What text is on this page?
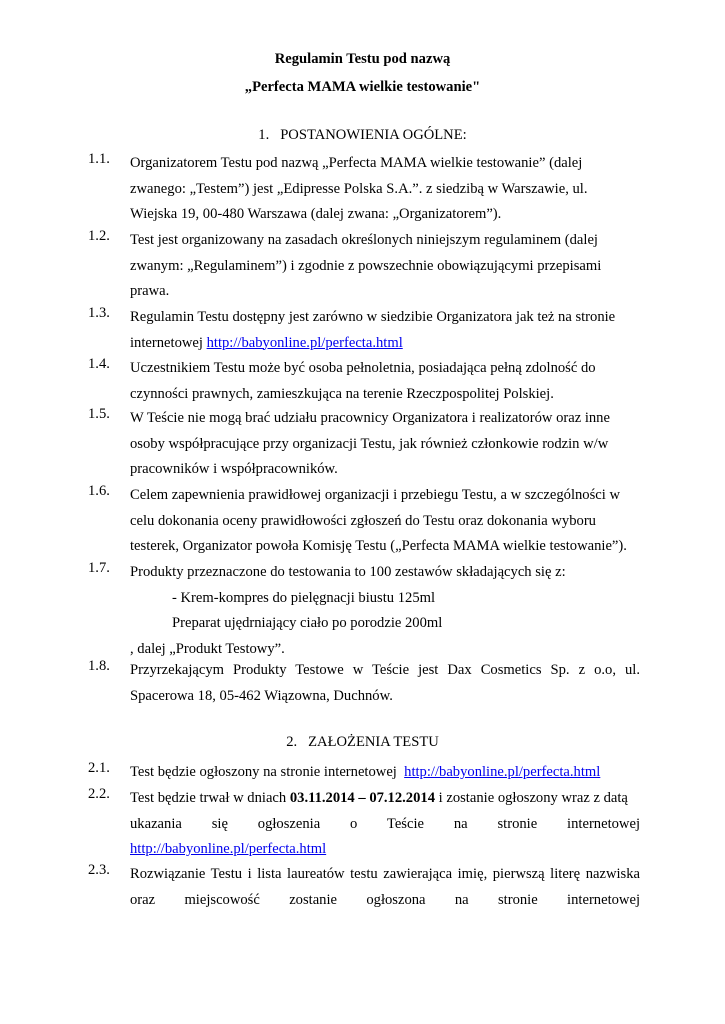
Regulamin Testu pod nazwą
„Perfecta MAMA wielkie testowanie"
1. POSTANOWIENIA OGÓLNE:
1.1.	Organizatorem Testu pod nazwą „Perfecta MAMA wielkie testowanie” (dalej
zwanego: „Testem”) jest „Edipresse Polska S.A.”. z siedzibą w Warszawie, ul.
Wiejska 19, 00-480 Warszawa (dalej zwana: „Organizatorem”).
1.2.	Test jest organizowany na zasadach określonych niniejszym regulaminem (dalej
zwanym: „Regulaminem”) i zgodnie z powszechnie obowiązującymi przepisami
prawa.
1.3.	Regulamin Testu dostępny jest zarówno w siedzibie Organizatora jak też na stronie
internetowej http://babyonline.pl/perfecta.html
1.4.	Uczestnikiem Testu może być osoba pełnoletnia, posiadająca pełną zdolność do
czynności prawnych, zamieszkująca na terenie Rzeczpospolitej Polskiej.
1.5.	W Teście nie mogą brać udziału pracownicy Organizatora i realizatorów oraz inne
osoby współpracujące przy organizacji Testu, jak również członkowie rodzin w/w
pracowników i współpracowników.
1.6.	Celem zapewnienia prawidłowej organizacji i przebiegu Testu, a w szczególności w
celu dokonania oceny prawidłowości zgłoszeń do Testu oraz dokonania wyboru
testerek, Organizator powoła Komisję Testu („Perfecta MAMA wielkie testowanie”).
1.7.	Produkty przeznaczone do testowania to 100 zestawów składających się z:
- Krem-kompres do pielęgnacji biustu 125ml
Preparat ujędrniający ciało po porodzie 200ml
, dalej „Produkt Testowy”.
1.8.	Przyrzekającym Produkty Testowe w Teście jest Dax Cosmetics Sp. z o.o, ul.
Spacerowa 18, 05-462 Wiązowna, Duchnów.
2. ZAŁOŻENIA TESTU
2.1.	Test będzie ogłoszony na stronie internetowej  http://babyonline.pl/perfecta.html
2.2.	Test będzie trwał w dniach 03.11.2014 – 07.12.2014 i zostanie ogłoszony wraz z datą
ukazania się ogłoszenia o Teście na stronie internetowej
http://babyonline.pl/perfecta.html
2.3.	Rozwiązanie Testu i lista laureatów testu zawierająca imię, pierwszą literę nazwiska
oraz miejscowość zostanie ogłoszona na stronie internetowej
